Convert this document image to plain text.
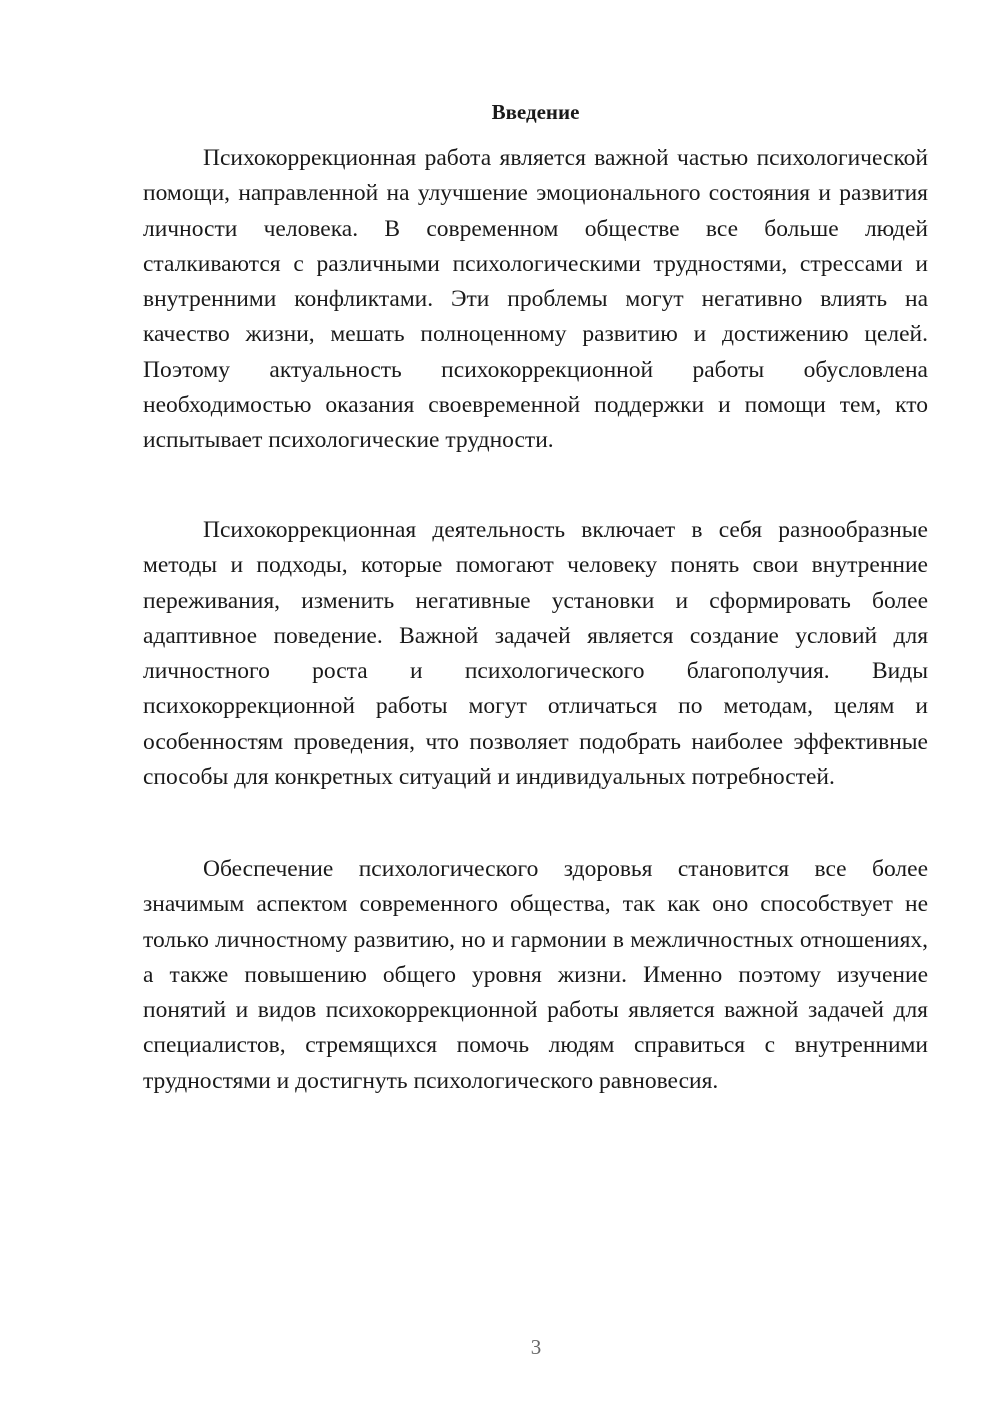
Введение

Психокоррекционная работа является важной частью психологической помощи, направленной на улучшение эмоционального состояния и развития личности человека. В современном обществе все больше людей сталкиваются с различными психологическими трудностями, стрессами и внутренними конфликтами. Эти проблемы могут негативно влиять на качество жизни, мешать полноценному развитию и достижению целей. Поэтому актуальность психокоррекционной работы обусловлена необходимостью оказания своевременной поддержки и помощи тем, кто испытывает психологические трудности.

Психокоррекционная деятельность включает в себя разнообразные методы и подходы, которые помогают человеку понять свои внутренние переживания, изменить негативные установки и сформировать более адаптивное поведение. Важной задачей является создание условий для личностного роста и психологического благополучия. Виды психокоррекционной работы могут отличаться по методам, целям и особенностям проведения, что позволяет подобрать наиболее эффективные способы для конкретных ситуаций и индивидуальных потребностей.

Обеспечение психологического здоровья становится все более значимым аспектом современного общества, так как оно способствует не только личностному развитию, но и гармонии в межличностных отношениях, а также повышению общего уровня жизни. Именно поэтому изучение понятий и видов психокоррекционной работы является важной задачей для специалистов, стремящихся помочь людям справиться с внутренними трудностями и достигнуть психологического равновесия.

3
